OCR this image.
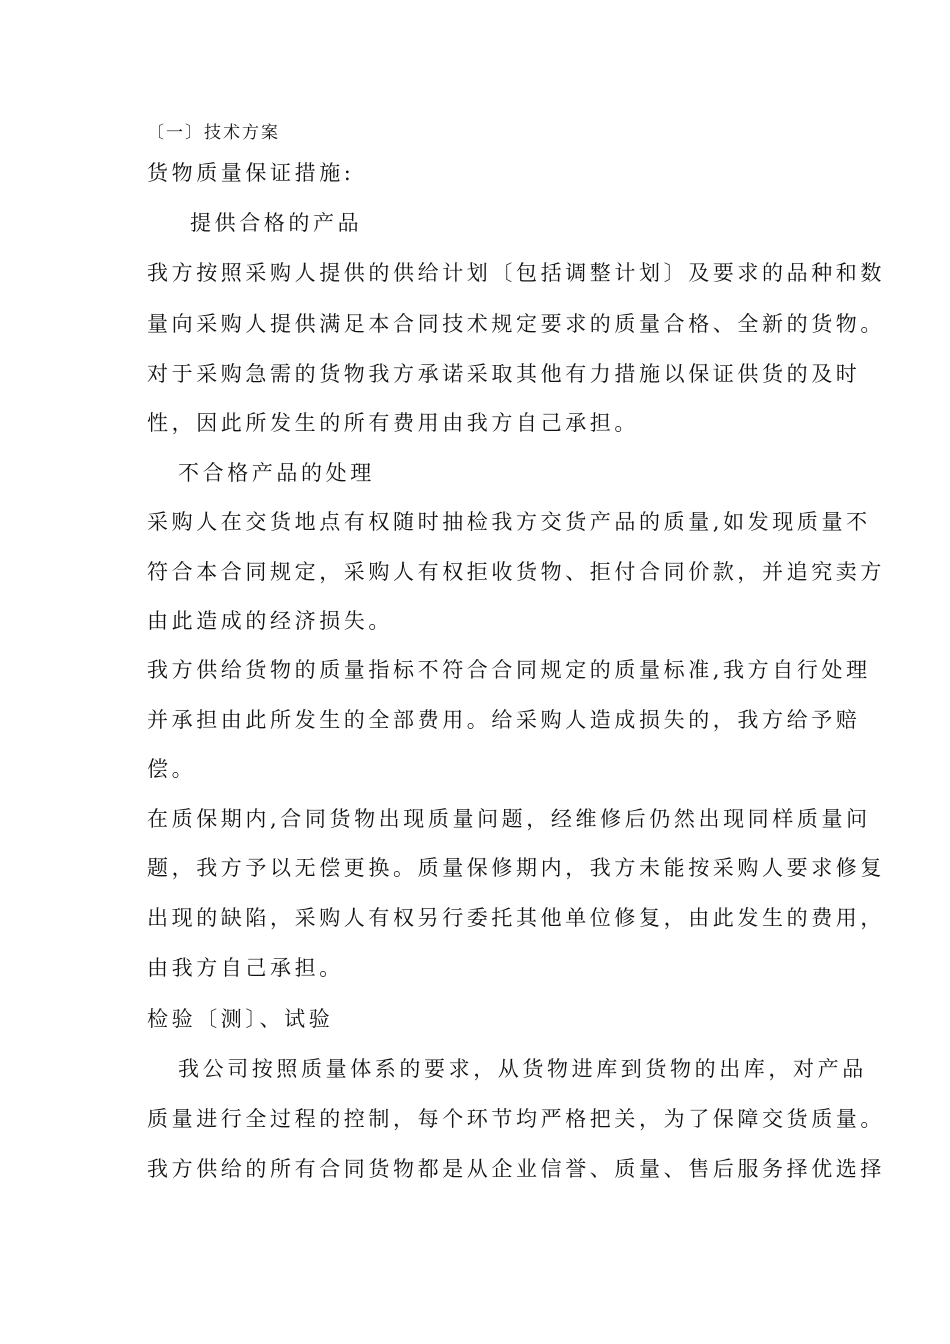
〔一〕技术方案
货物质量保证措施:
提供合格的产品
我方按照采购人提供的供给计划〔包括调整计划〕及要求的品种和数
量向采购人提供满足本合同技术规定要求的质量合格、全新的货物。
对于采购急需的货物我方承诺采取其他有力措施以保证供货的及时
性，因此所发生的所有费用由我方自己承担。
不合格产品的处理
采购人在交货地点有权随时抽检我方交货产品的质量,如发现质量不
符合本合同规定，采购人有权拒收货物、拒付合同价款，并追究卖方
由此造成的经济损失。
我方供给货物的质量指标不符合合同规定的质量标准,我方自行处理
并承担由此所发生的全部费用。给采购人造成损失的，我方给予赔
偿。
在质保期内,合同货物出现质量问题，经维修后仍然出现同样质量问
题，我方予以无偿更换。质量保修期内，我方未能按采购人要求修复
出现的缺陷，采购人有权另行委托其他单位修复，由此发生的费用，
由我方自己承担。
检验〔测〕、试验
我公司按照质量体系的要求，从货物进库到货物的出库，对产品
质量进行全过程的控制，每个环节均严格把关，为了保障交货质量。
我方供给的所有合同货物都是从企业信誉、质量、售后服务择优选择
